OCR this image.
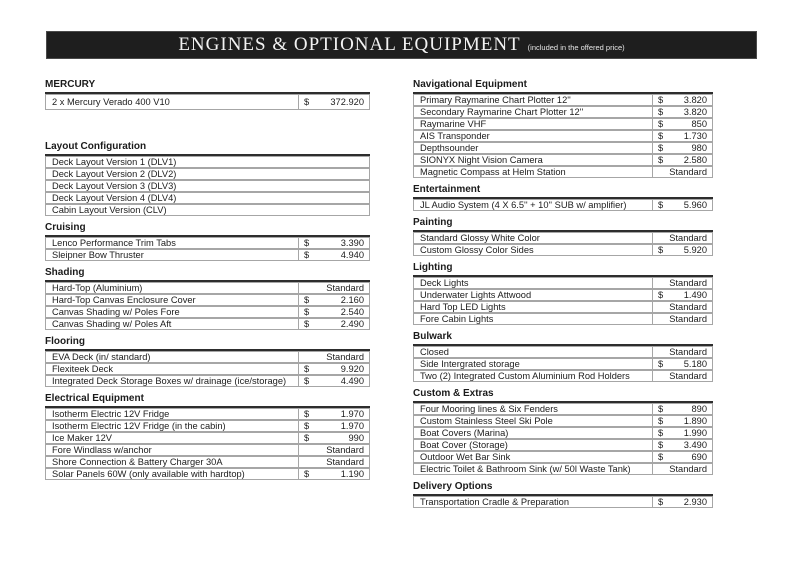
ENGINES & OPTIONAL EQUIPMENT (included in the offered price)
MERCURY
2 x Mercury Verado 400 V10	$ 372.920
Layout Configuration
Deck Layout Version 1 (DLV1)
Deck Layout Version 2 (DLV2)
Deck Layout Version 3 (DLV3)
Deck Layout Version 4 (DLV4)
Cabin Layout Version (CLV)
Cruising
Lenco Performance Trim Tabs	$	3.390
Sleipner Bow Thruster	$	4.940
Shading
Hard-Top (Aluminium)	Standard
Hard-Top Canvas Enclosure Cover	$	2.160
Canvas Shading w/ Poles Fore	$	2.540
Canvas Shading w/ Poles Aft	$	2.490
Flooring
EVA Deck (in/ standard)	Standard
Flexiteek Deck	$	9.920
Integrated Deck Storage Boxes w/ drainage (ice/storage)	$	4.490
Electrical Equipment
Isotherm Electric 12V Fridge	$	1.970
Isotherm Electric 12V Fridge (in the cabin)	$	1.970
Ice Maker 12V	$	990
Fore Windlass w/anchor	Standard
Shore Connection & Battery Charger 30A	Standard
Solar Panels 60W (only available with hardtop)	$	1.190
Navigational Equipment
Primary Raymarine Chart Plotter 12''	$ 3.820
Secondary Raymarine Chart Plotter 12''	$ 3.820
Raymarine VHF	$	850
AIS Transponder	$ 1.730
Depthsounder	$	980
SIONYX Night Vision Camera	$ 2.580
Magnetic Compass at Helm Station	Standard
Entertainment
JL Audio System (4 X 6.5'' + 10'' SUB w/ amplifier)	$ 5.960
Painting
Standard Glossy White Color	Standard
Custom Glossy Color Sides	$ 5.920
Lighting
Deck Lights	Standard
Underwater Lights Attwood	$ 1.490
Hard Top LED Lights	Standard
Fore Cabin Lights	Standard
Bulwark
Closed	Standard
Side Intergrated storage	$ 5.180
Two (2) Integrated Custom Aluminium Rod Holders	Standard
Custom & Extras
Four Mooring lines & Six Fenders	$	890
Custom Stainless Steel Ski Pole	$ 1.890
Boat Covers (Marina)	$ 1.990
Boat Cover (Storage)	$ 3.490
Outdoor Wet Bar Sink	$	690
Electric Toilet & Bathroom Sink (w/ 50l Waste Tank)	Standard
Delivery Options
Transportation Cradle & Preparation	$ 2.930
